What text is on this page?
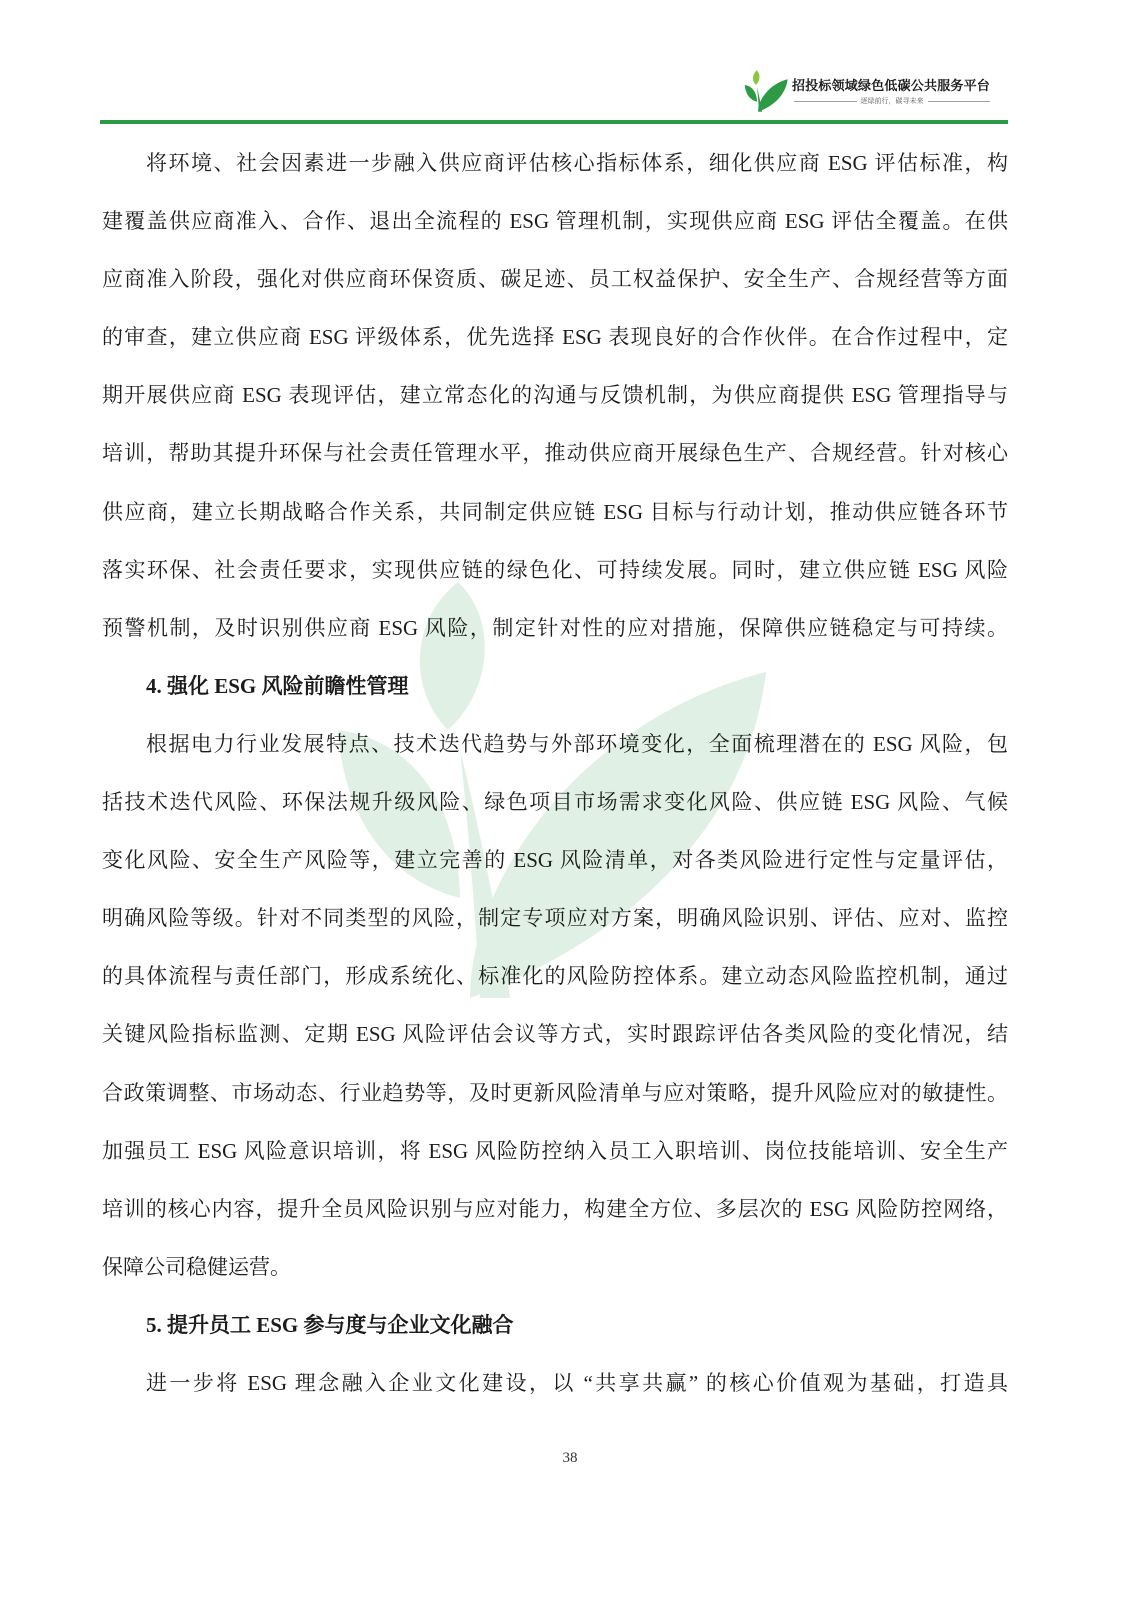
招投标领域绿色低碳公共服务平台
逐绿前行，碳寻未来
将环境、社会因素进一步融入供应商评估核心指标体系，细化供应商 ESG 评估标准，构
建覆盖供应商准入、合作、退出全流程的 ESG 管理机制，实现供应商 ESG 评估全覆盖。在供
应商准入阶段，强化对供应商环保资质、碳足迹、员工权益保护、安全生产、合规经营等方面
的审查，建立供应商 ESG 评级体系，优先选择 ESG 表现良好的合作伙伴。在合作过程中，定
期开展供应商 ESG 表现评估，建立常态化的沟通与反馈机制，为供应商提供 ESG 管理指导与
培训，帮助其提升环保与社会责任管理水平，推动供应商开展绿色生产、合规经营。针对核心
供应商，建立长期战略合作关系，共同制定供应链 ESG 目标与行动计划，推动供应链各环节
落实环保、社会责任要求，实现供应链的绿色化、可持续发展。同时，建立供应链 ESG 风险
预警机制，及时识别供应商 ESG 风险，制定针对性的应对措施，保障供应链稳定与可持续。
4. 强化 ESG 风险前瞻性管理
根据电力行业发展特点、技术迭代趋势与外部环境变化，全面梳理潜在的 ESG 风险，包
括技术迭代风险、环保法规升级风险、绿色项目市场需求变化风险、供应链 ESG 风险、气候
变化风险、安全生产风险等，建立完善的 ESG 风险清单，对各类风险进行定性与定量评估，
明确风险等级。针对不同类型的风险，制定专项应对方案，明确风险识别、评估、应对、监控
的具体流程与责任部门，形成系统化、标准化的风险防控体系。建立动态风险监控机制，通过
关键风险指标监测、定期 ESG 风险评估会议等方式，实时跟踪评估各类风险的变化情况，结
合政策调整、市场动态、行业趋势等，及时更新风险清单与应对策略，提升风险应对的敏捷性。
加强员工 ESG 风险意识培训，将 ESG 风险防控纳入员工入职培训、岗位技能培训、安全生产
培训的核心内容，提升全员风险识别与应对能力，构建全方位、多层次的 ESG 风险防控网络，
保障公司稳健运营。
5. 提升员工 ESG 参与度与企业文化融合
进一步将 ESG 理念融入企业文化建设，以 “共享共赢” 的核心价值观为基础，打造具
38
